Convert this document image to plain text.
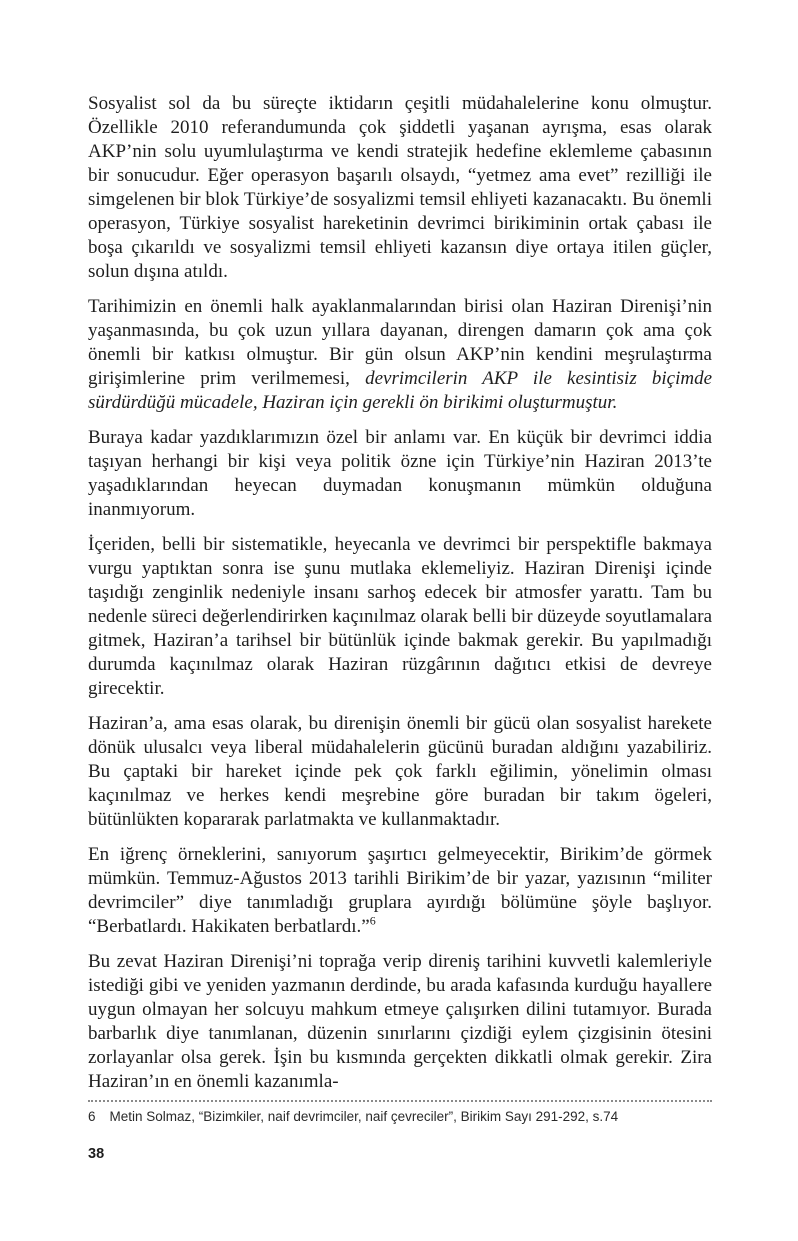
Sosyalist sol da bu süreçte iktidarın çeşitli müdahalelerine konu olmuştur. Özellikle 2010 referandumunda çok şiddetli yaşanan ayrışma, esas olarak AKP’nin solu uyumlulaştırma ve kendi stratejik hedefine eklemleme çabasının bir sonucudur. Eğer operasyon başarılı olsaydı, “yetmez ama evet” rezilliği ile simgelenen bir blok Türkiye’de sosyalizmi temsil ehliyeti kazanacaktı. Bu önemli operasyon, Türkiye sosyalist hareketinin devrimci birikiminin ortak çabası ile boşa çıkarıldı ve sosyalizmi temsil ehliyeti kazansın diye ortaya itilen güçler, solun dışına atıldı.

Tarihimizin en önemli halk ayaklanmalarından birisi olan Haziran Direnişi’nin yaşanmasında, bu çok uzun yıllara dayanan, direngen damarın çok ama çok önemli bir katkısı olmuştur. Bir gün olsun AKP’nin kendini meşrulaştırma girişimlerine prim verilmemesi, devrimcilerin AKP ile kesintisiz biçimde sürdürdüğü mücadele, Haziran için gerekli ön birikimi oluşturmuştur.

Buraya kadar yazdıklarımızın özel bir anlamı var. En küçük bir devrimci iddia taşıyan herhangi bir kişi veya politik özne için Türkiye’nin Haziran 2013’te yaşadıklarından heyecan duymadan konuşmanın mümkün olduğuna inanmıyorum.

İçeriden, belli bir sistematikle, heyecanla ve devrimci bir perspektifle bakmaya vurgu yaptıktan sonra ise şunu mutlaka eklemeliyiz. Haziran Direnişi içinde taşıdığı zenginlik nedeniyle insanı sarhoş edecek bir atmosfer yarattı. Tam bu nedenle süreci değerlendirirken kaçınılmaz olarak belli bir düzeyde soyutlamalara gitmek, Haziran’a tarihsel bir bütünlük içinde bakmak gerekir. Bu yapılmadığı durumda kaçınılmaz olarak Haziran rüzgârının dağıtıcı etkisi de devreye girecektir.

Haziran’a, ama esas olarak, bu direnişin önemli bir gücü olan sosyalist harekete dönük ulusalcı veya liberal müdahalelerin gücünü buradan aldığını yazabiliriz. Bu çaptaki bir hareket içinde pek çok farklı eğilimin, yönelimin olması kaçınılmaz ve herkes kendi meşrebine göre buradan bir takım ögeleri, bütünlükten kopararak parlatmakta ve kullanmaktadır.

En iğrenç örneklerini, sanıyorum şaşırtıcı gelmeyecektir, Birikim’de görmek mümkün. Temmuz-Ağustos 2013 tarihli Birikim’de bir yazar, yazısının “militer devrimciler” diye tanımladığı gruplara ayırdığı bölümüne şöyle başlıyor. “Berbatlardı. Hakikaten berbatlardı.”$^6$

Bu zevat Haziran Direnişi’ni toprağa verip direniş tarihini kuvvetli kalemleriyle istediği gibi ve yeniden yazmanın derdinde, bu arada kafasında kurduğu hayallere uygun olmayan her solcuyu mahkum etmeye çalışırken dilini tutamıyor. Burada barbarlık diye tanımlanan, düzenin sınırlarını çizdiği eylem çizgisinin ötesini zorlayanlar olsa gerek. İşin bu kısmında gerçekten dikkatli olmak gerekir. Zira Haziran’ın en önemli kazanımla-

6 Metin Solmaz, “Bizimkiler, naif devrimciler, naif çevreciler”, Birikim Sayı 291-292, s.74
38
